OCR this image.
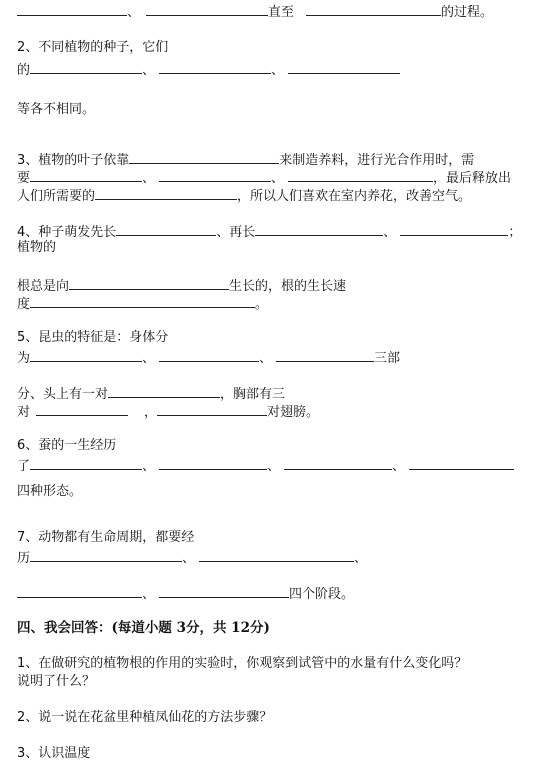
、	直至	的过程。
2、不同植物的种子，它们
的	、	、
等各不相同。
3、植物的叶子依靠	来制造养料，进行光合作用时，需
要	、	、	，最后释放出
人们所需要的	，所以人们喜欢在室内养花，改善空气。
4、种子萌发先长	、再长	、	；
植物的
根总是向	生长的，根的生长速
度	。
5、昆虫的特征是：身体分
为	、	、	三部
分、头上有一对	，胸部有三
对	，	对翅膀。
6、蚕的一生经历
了	、	、	、
四种形态。
7、动物都有生命周期，都要经
历	、	、
、	四个阶段。
四、我会回答：(每道小题 3分，共 12分)
1、在做研究的植物根的作用的实验时，你观察到试管中的水量有什么变化吗？
说明了什么？
2、说一说在花盆里种植凤仙花的方法步骤？
3、认识温度
